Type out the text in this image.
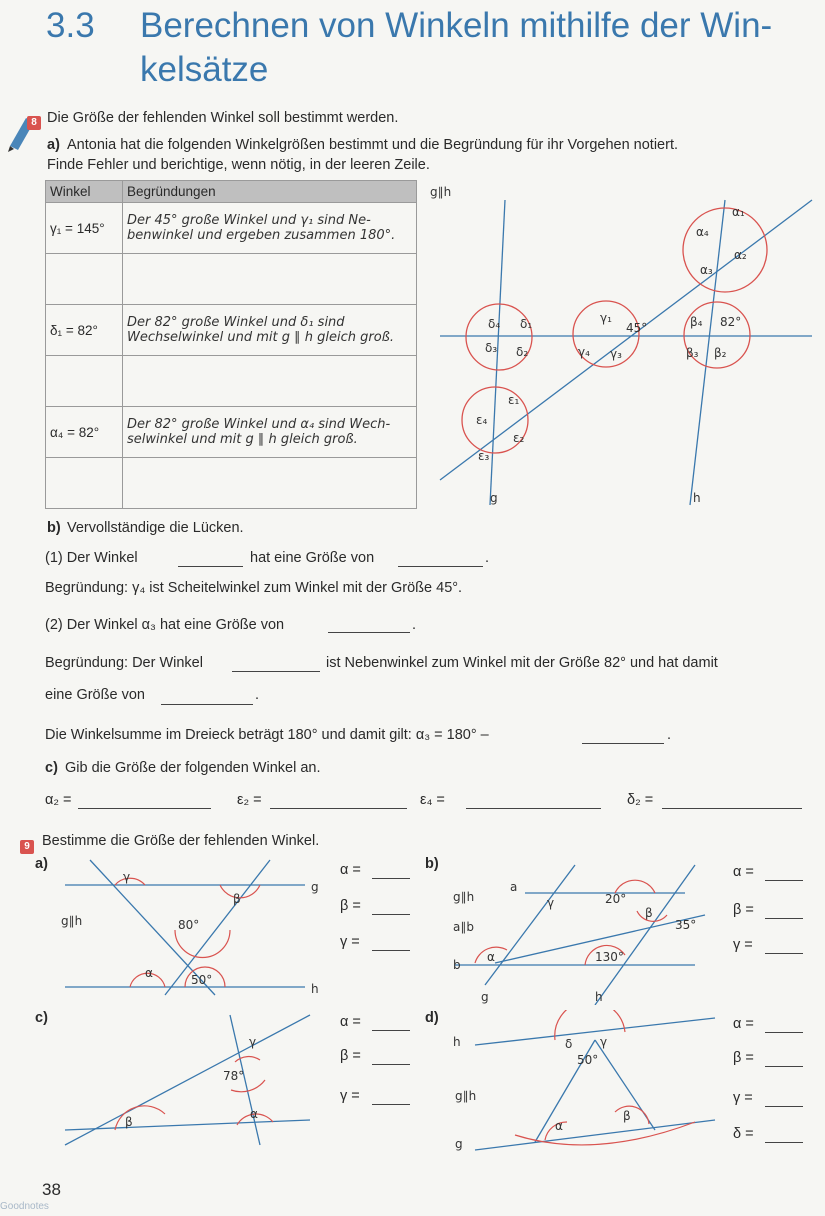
3.3 Berechnen von Winkeln mithilfe der Win-
kelsätze
8 Die Größe der fehlenden Winkel soll bestimmt werden.
a) Antonia hat die folgenden Winkelgrößen bestimmt und die Begründung für ihr Vorgehen notiert.
Finde Fehler und berichtige, wenn nötig, in der leeren Zeile.
Winkel	Begründungen
γ₁ = 145°	Der 45° große Winkel und γ₁ sind Ne-
benwinkel und ergeben zusammen 180°.

δ₁ = 82°	Der 82° große Winkel und δ₁ sind
Wechselwinkel und mit g ∥ h gleich groß.

α₄ = 82°	Der 82° große Winkel und α₄ sind Wech-
selwinkel und mit g ∥ h gleich groß.

g∥h
g	h
α₁
α₂
α₃
α₄
β₄ 82°
β₃ β₂
γ₁
45°
γ₄ γ₃
δ₄ δ₁
δ₃ δ₂
ε₁
ε₄
ε₂
ε₃
b) Vervollständige die Lücken.
(1) Der Winkel	hat eine Größe von	.
Begründung: γ₄ ist Scheitelwinkel zum Winkel mit der Größe 45°.
(2) Der Winkel α₃ hat eine Größe von	.
Begründung: Der Winkel	ist Nebenwinkel zum Winkel mit der Größe 82° und hat damit
eine Größe von	.
Die Winkelsumme im Dreieck beträgt 180° und damit gilt: α₃ = 180° –	.
c) Gib die Größe der folgenden Winkel an.
α₂ =	ε₂ =	ε₄ =	δ₂ =
9 Bestimme die Größe der fehlenden Winkel.
a)
γ
β
g∥h	80°
α	50°
g
h
b)
g∥h
a∥b
a
b
γ	20°
β
35°
α	130°
g	h
c)
γ
78°
α
β
d)
h
g∥h
g
δ γ
50°
α
β
α =
β =
γ =
α =
β =
γ =
α =
β =
γ =
α =
β =
γ =
δ =
38
Goodnotes
